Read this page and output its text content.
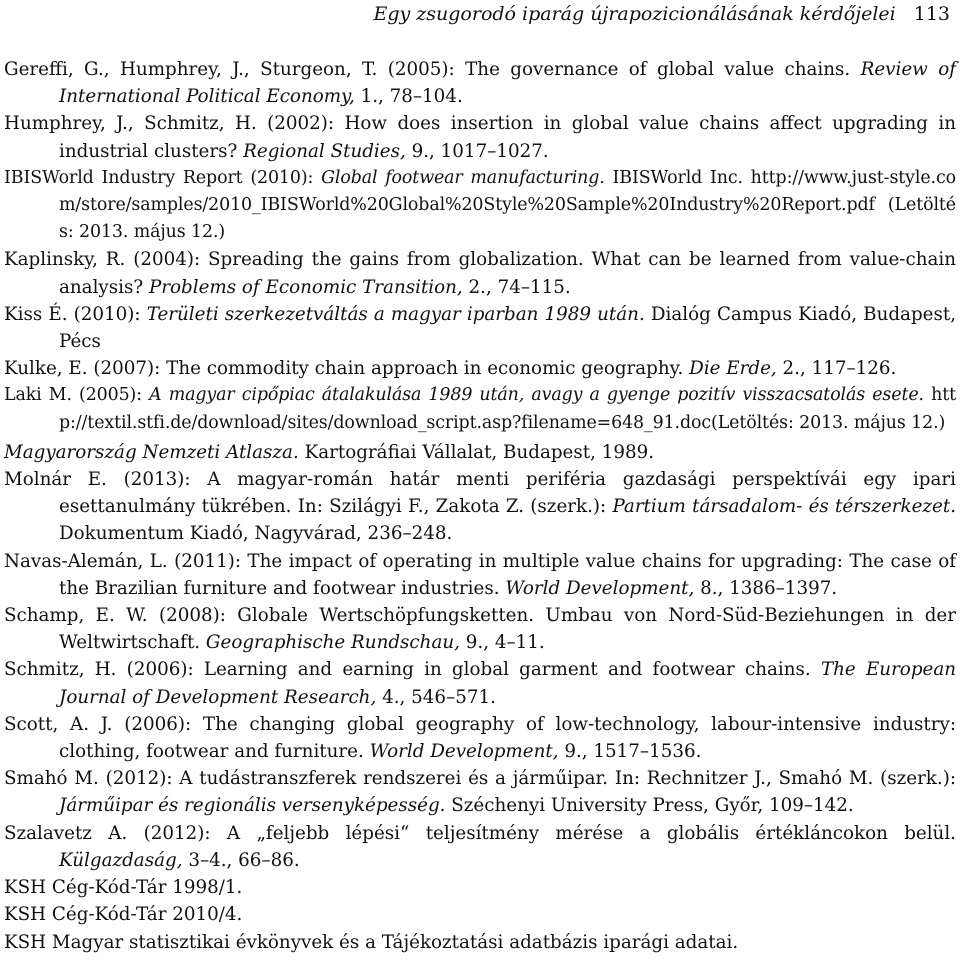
Egy zsugorodó iparág újrapozicionálásának kérdőjelei 113

Gereffi, G., Humphrey, J., Sturgeon, T. (2005): The governance of global value chains. Review of International Political Economy, 1., 78–104.

Humphrey, J., Schmitz, H. (2002): How does insertion in global value chains affect upgrading in industrial clusters? Regional Studies, 9., 1017–1027.

IBISWorld Industry Report (2010): Global footwear manufacturing. IBISWorld Inc. http://www.just-style.com/store/samples/2010_IBISWorld%20Global%20Style%20Sample%20Industry%20Report.pdf (Letöltés: 2013. május 12.)

Kaplinsky, R. (2004): Spreading the gains from globalization. What can be learned from value-chain analysis? Problems of Economic Transition, 2., 74–115.

Kiss É. (2010): Területi szerkezetváltás a magyar iparban 1989 után. Dialóg Campus Kiadó, Budapest, Pécs

Kulke, E. (2007): The commodity chain approach in economic geography. Die Erde, 2., 117–126.

Laki M. (2005): A magyar cipőpiac átalakulása 1989 után, avagy a gyenge pozitív visszacsatolás esete. http://textil.stfi.de/download/sites/download_script.asp?filename=648_91.doc(Letöltés: 2013. május 12.)

Magyarország Nemzeti Atlasza. Kartográfiai Vállalat, Budapest, 1989.

Molnár E. (2013): A magyar-román határ menti periféria gazdasági perspektívái egy ipari esettanulmány tükrében. In: Szilágyi F., Zakota Z. (szerk.): Partium társadalom- és térszerkezet. Dokumentum Kiadó, Nagyvárad, 236–248.

Navas-Alemán, L. (2011): The impact of operating in multiple value chains for upgrading: The case of the Brazilian furniture and footwear industries. World Development, 8., 1386–1397.

Schamp, E. W. (2008): Globale Wertschöpfungsketten. Umbau von Nord-Süd-Beziehungen in der Weltwirtschaft. Geographische Rundschau, 9., 4–11.

Schmitz, H. (2006): Learning and earning in global garment and footwear chains. The European Journal of Development Research, 4., 546–571.

Scott, A. J. (2006): The changing global geography of low-technology, labour-intensive industry: clothing, footwear and furniture. World Development, 9., 1517–1536.

Smahó M. (2012): A tudástranszferek rendszerei és a járműipar. In: Rechnitzer J., Smahó M. (szerk.): Járműipar és regionális versenyképesség. Széchenyi University Press, Győr, 109–142.

Szalavetz A. (2012): A „feljebb lépési“ teljesítmény mérése a globális értékláncokon belül. Külgazdaság, 3–4., 66–86.

KSH Cég-Kód-Tár 1998/1.

KSH Cég-Kód-Tár 2010/4.

KSH Magyar statisztikai évkönyvek és a Tájékoztatási adatbázis iparági adatai.
